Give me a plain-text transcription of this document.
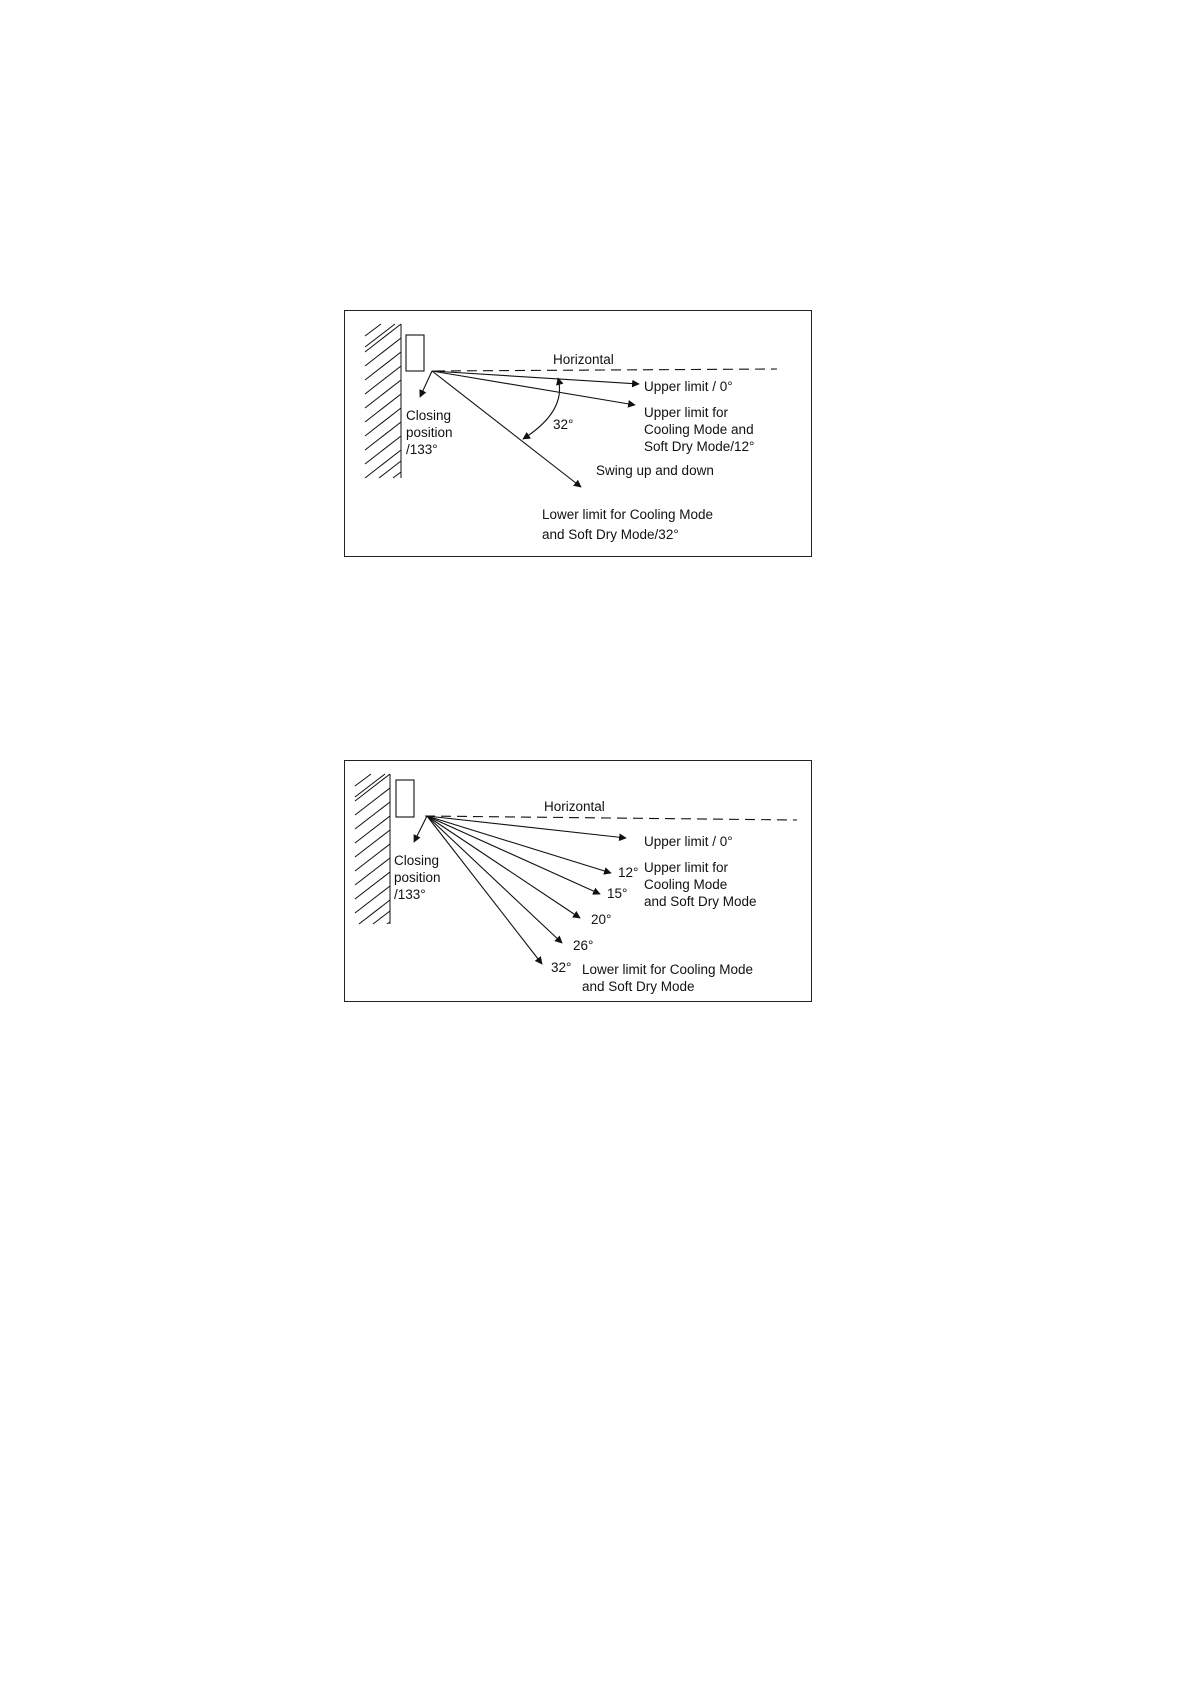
Horizontal
Upper limit / 0°
Upper limit for
Cooling Mode and
Soft Dry Mode/12°
Closing
position
/133°
32°
Swing up and down
Lower limit for Cooling Mode
and Soft Dry Mode/32°
Horizontal
Upper limit / 0°
Upper limit for
Cooling Mode
and Soft Dry Mode
Closing
position
/133°
12°
15°
20°
26°
32° Lower limit for Cooling Mode
and Soft Dry Mode
